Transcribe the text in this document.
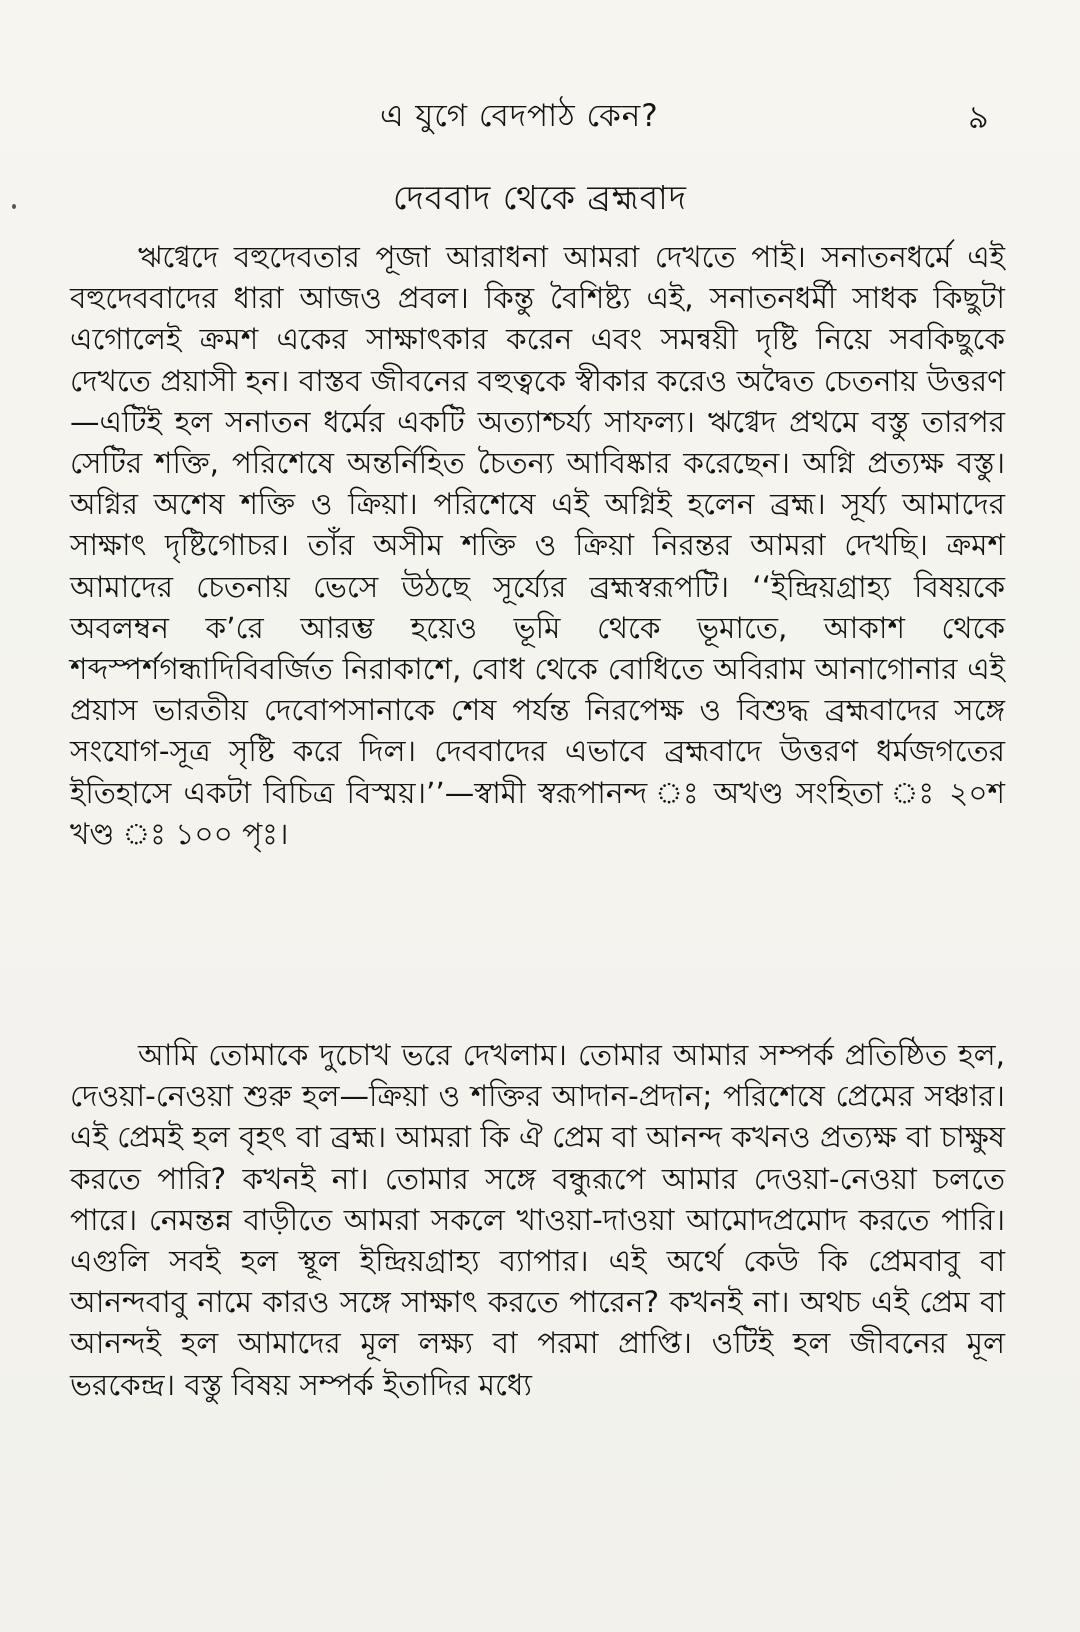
এ যুগে বেদপাঠ কেন?	৯
দেববাদ থেকে ব্রহ্মবাদ

ঋগ্বেদে বহুদেবতার পূজা আরাধনা আমরা দেখতে পাই। সনাতনধর্মে এই বহুদেববাদের ধারা আজও প্রবল। কিন্তু বৈশিষ্ট্য এই, সনাতনধর্মী সাধক কিছুটা এগোলেই ক্রমশ একের সাক্ষাৎকার করেন এবং সমন্বয়ী দৃষ্টি নিয়ে সবকিছুকে দেখতে প্রয়াসী হন। বাস্তব জীবনের বহুত্বকে স্বীকার করেও অদ্বৈত চেতনায় উত্তরণ—এটিই হল সনাতন ধর্মের একটি অত্যাশ্চর্য্য সাফল্য। ঋগ্বেদ প্রথমে বস্তু তারপর সেটির শক্তি, পরিশেষে অন্তর্নিহিত চৈতন্য আবিষ্কার করেছেন। অগ্নি প্রত্যক্ষ বস্তু। অগ্নির অশেষ শক্তি ও ক্রিয়া। পরিশেষে এই অগ্নিই হলেন ব্রহ্ম। সূর্য্য আমাদের সাক্ষাৎ দৃষ্টিগোচর। তাঁর অসীম শক্তি ও ক্রিয়া নিরন্তর আমরা দেখছি। ক্রমশ আমাদের চেতনায় ভেসে উঠছে সূর্য্যের ব্রহ্মস্বরূপটি। ‘‘ইন্দ্রিয়গ্রাহ্য বিষয়কে অবলম্বন ক’রে আরম্ভ হয়েও ভূমি থেকে ভূমাতে, আকাশ থেকে শব্দস্পর্শগন্ধাদিবিবর্জিত নিরাকাশে, বোধ থেকে বোধিতে অবিরাম আনাগোনার এই প্রয়াস ভারতীয় দেবোপসানাকে শেষ পর্যন্ত নিরপেক্ষ ও বিশুদ্ধ ব্রহ্মবাদের সঙ্গে সংযোগ-সূত্র সৃষ্টি করে দিল। দেববাদের এভাবে ব্রহ্মবাদে উত্তরণ ধর্মজগতের ইতিহাসে একটা বিচিত্র বিস্ময়।’’—স্বামী স্বরূপানন্দ ঃ অখণ্ড সংহিতা ঃ ২০শ খণ্ড ঃ ১০০ পৃঃ।

আমি তোমাকে দুচোখ ভরে দেখলাম। তোমার আমার সম্পর্ক প্রতিষ্ঠিত হল, দেওয়া-নেওয়া শুরু হল—ক্রিয়া ও শক্তির আদান-প্রদান; পরিশেষে প্রেমের সঞ্চার। এই প্রেমই হল বৃহৎ বা ব্রহ্ম। আমরা কি ঐ প্রেম বা আনন্দ কখনও প্রত্যক্ষ বা চাক্ষুষ করতে পারি? কখনই না। তোমার সঙ্গে বন্ধুরূপে আমার দেওয়া-নেওয়া চলতে পারে। নেমন্তন্ন বাড়ীতে আমরা সকলে খাওয়া-দাওয়া আমোদপ্রমোদ করতে পারি। এগুলি সবই হল স্থূল ইন্দ্রিয়গ্রাহ্য ব্যাপার। এই অর্থে কেউ কি প্রেমবাবু বা আনন্দবাবু নামে কারও সঙ্গে সাক্ষাৎ করতে পারেন? কখনই না। অথচ এই প্রেম বা আনন্দই হল আমাদের মূল লক্ষ্য বা পরমা প্রাপ্তি। ওটিই হল জীবনের মূল ভরকেন্দ্র। বস্তু বিষয় সম্পর্ক ইতাদির মধ্যে
